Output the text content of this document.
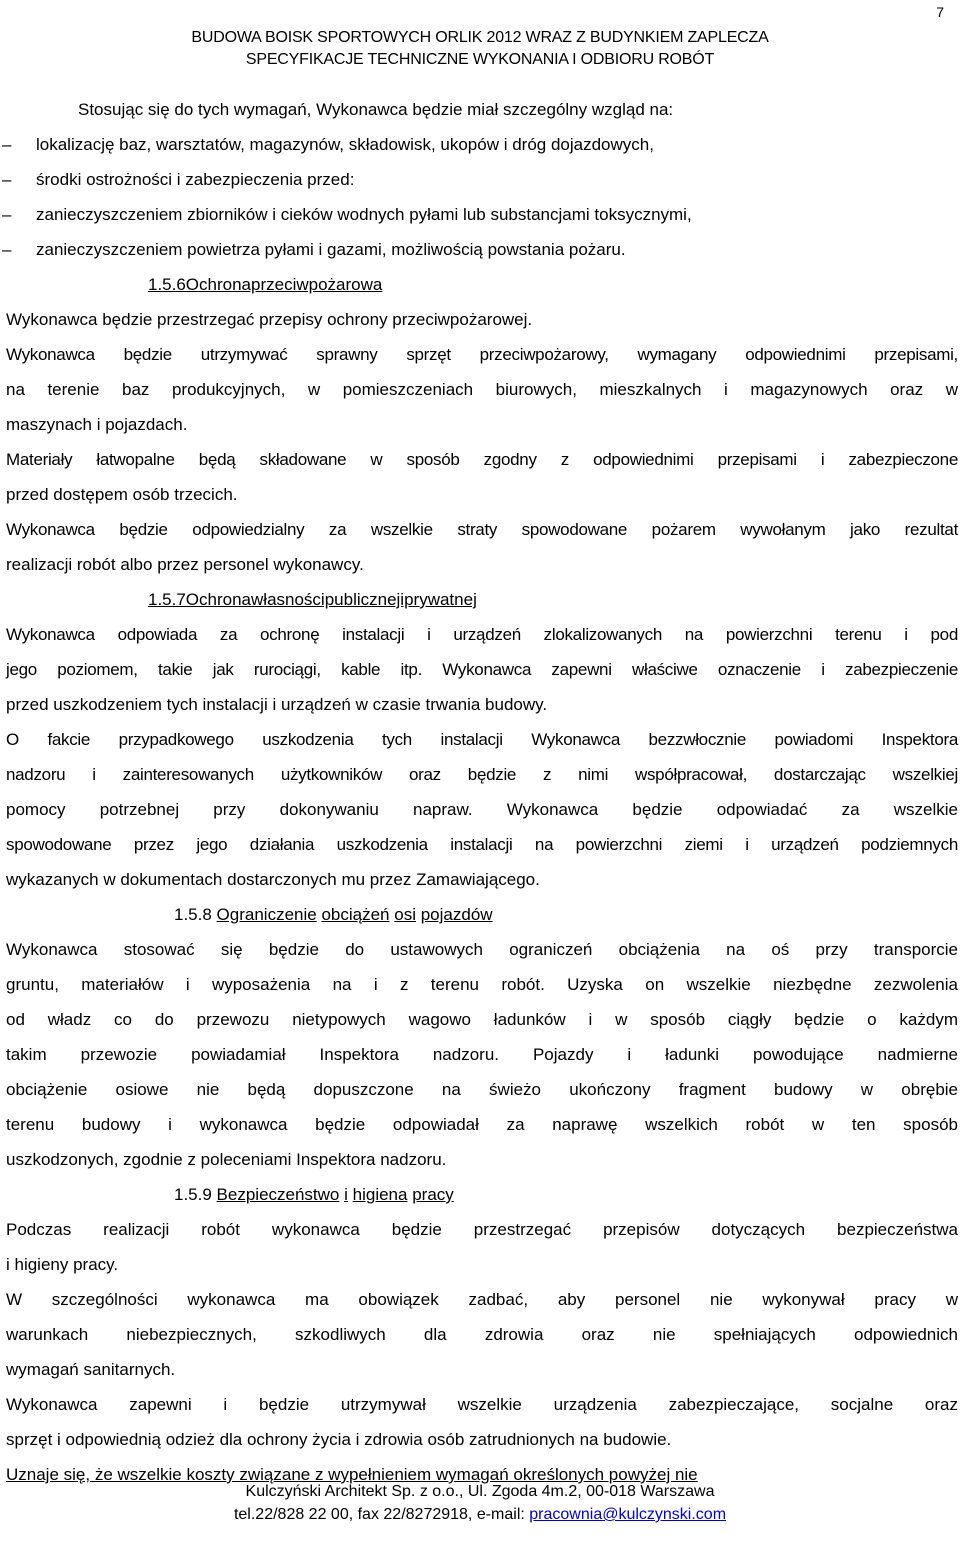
7
BUDOWA BOISK SPORTOWYCH ORLIK 2012 WRAZ Z BUDYNKIEM ZAPLECZA
SPECYFIKACJE TECHNICZNE WYKONANIA I ODBIORU ROBÓT
Stosując się do tych wymagań, Wykonawca będzie miał szczególny wzgląd na:
– lokalizację baz, warsztatów, magazynów, składowisk, ukopów i dróg dojazdowych,
– środki ostrożności i zabezpieczenia przed:
– zanieczyszczeniem zbiorników i cieków wodnych pyłami lub substancjami toksycznymi,
– zanieczyszczeniem powietrza pyłami i gazami, możliwością powstania pożaru.
1.5.6Ochronaprzeciwpożarowa
Wykonawca będzie przestrzegać przepisy ochrony przeciwpożarowej.
Wykonawca będzie utrzymywać sprawny sprzęt przeciwpożarowy, wymagany odpowiednimi przepisami,
na terenie baz produkcyjnych, w pomieszczeniach biurowych, mieszkalnych i magazynowych oraz w
maszynach i pojazdach.
Materiały łatwopalne będą składowane w sposób zgodny z odpowiednimi przepisami i zabezpieczone
przed dostępem osób trzecich.
Wykonawca będzie odpowiedzialny za wszelkie straty spowodowane pożarem wywołanym jako rezultat
realizacji robót albo przez personel wykonawcy.
1.5.7Ochronawłasnościpublicznejiprywatnej
Wykonawca odpowiada za ochronę instalacji i urządzeń zlokalizowanych na powierzchni terenu i pod
jego poziomem, takie jak rurociągi, kable itp. Wykonawca zapewni właściwe oznaczenie i zabezpieczenie
przed uszkodzeniem tych instalacji i urządzeń w czasie trwania budowy.
O fakcie przypadkowego uszkodzenia tych instalacji Wykonawca bezzwłocznie powiadomi Inspektora
nadzoru i zainteresowanych użytkowników oraz będzie z nimi współpracował, dostarczając wszelkiej
pomocy potrzebnej przy dokonywaniu napraw. Wykonawca będzie odpowiadać za wszelkie
spowodowane przez jego działania uszkodzenia instalacji na powierzchni ziemi i urządzeń podziemnych
wykazanych w dokumentach dostarczonych mu przez Zamawiającego.
1.5.8 Ograniczenie obciążeń osi pojazdów
Wykonawca stosować się będzie do ustawowych ograniczeń obciążenia na oś przy transporcie
gruntu, materiałów i wyposażenia na i z terenu robót. Uzyska on wszelkie niezbędne zezwolenia
od władz co do przewozu nietypowych wagowo ładunków i w sposób ciągły będzie o każdym
takim przewozie powiadamiał Inspektora nadzoru. Pojazdy i ładunki powodujące nadmierne
obciążenie osiowe nie będą dopuszczone na świeżo ukończony fragment budowy w obrębie
terenu budowy i wykonawca będzie odpowiadał za naprawę wszelkich robót w ten sposób
uszkodzonych, zgodnie z poleceniami Inspektora nadzoru.
1.5.9 Bezpieczeństwo i higiena pracy
Podczas realizacji robót wykonawca będzie przestrzegać przepisów dotyczących bezpieczeństwa
i higieny pracy.
W szczególności wykonawca ma obowiązek zadbać, aby personel nie wykonywał pracy w
warunkach niebezpiecznych, szkodliwych dla zdrowia oraz nie spełniających odpowiednich
wymagań sanitarnych.
Wykonawca zapewni i będzie utrzymywał wszelkie urządzenia zabezpieczające, socjalne oraz
sprzęt i odpowiednią odzież dla ochrony życia i zdrowia osób zatrudnionych na budowie.
Uznaje się, że wszelkie koszty związane z wypełnieniem wymagań określonych powyżej nie
Kulczyński Architekt Sp. z o.o., Ul. Zgoda 4m.2, 00-018 Warszawa
tel.22/828 22 00, fax 22/8272918, e-mail: pracownia@kulczynski.com
